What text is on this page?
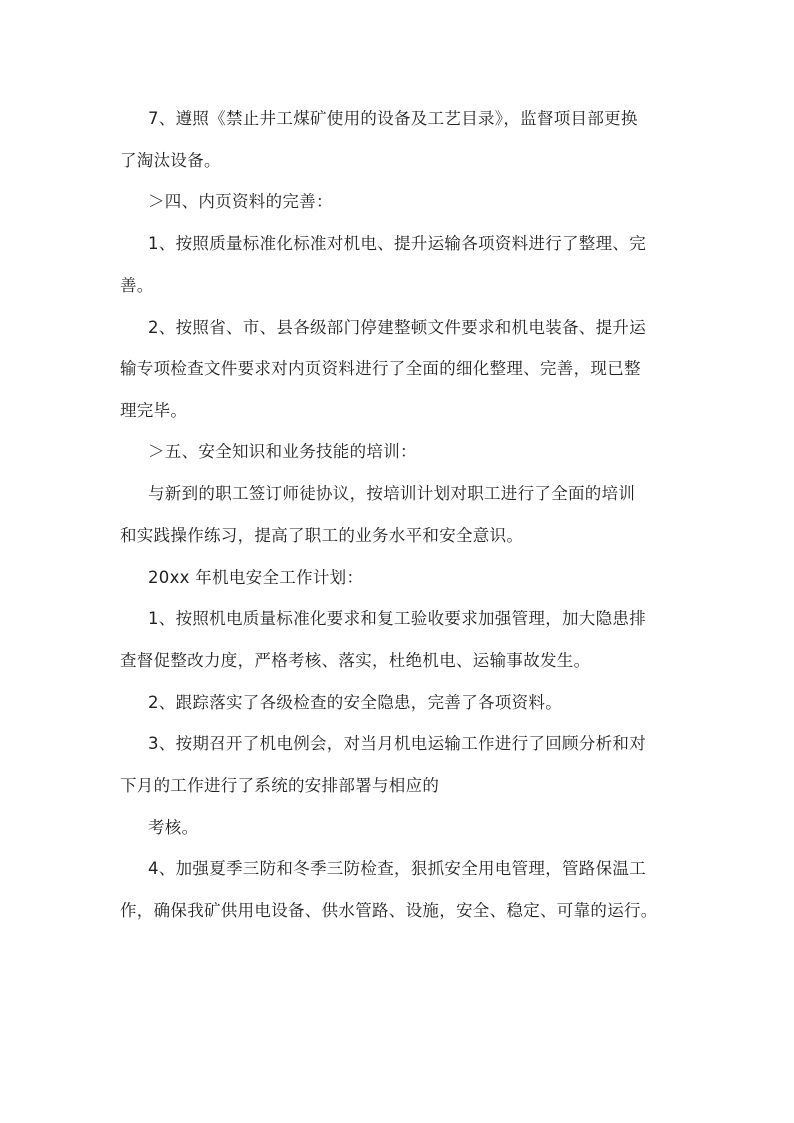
7、遵照《禁止井工煤矿使用的设备及工艺目录》，监督项目部更换
了淘汰设备。
＞四、内页资料的完善：
1、按照质量标准化标准对机电、提升运输各项资料进行了整理、完
善。
2、按照省、市、县各级部门停建整顿文件要求和机电装备、提升运
输专项检查文件要求对内页资料进行了全面的细化整理、完善，现已整
理完毕。
＞五、安全知识和业务技能的培训：
与新到的职工签订师徒协议，按培训计划对职工进行了全面的培训
和实践操作练习，提高了职工的业务水平和安全意识。
20xx 年机电安全工作计划：
1、按照机电质量标准化要求和复工验收要求加强管理，加大隐患排
查督促整改力度，严格考核、落实，杜绝机电、运输事故发生。
2、跟踪落实了各级检查的安全隐患，完善了各项资料。
3、按期召开了机电例会，对当月机电运输工作进行了回顾分析和对
下月的工作进行了系统的安排部署与相应的
考核。
4、加强夏季三防和冬季三防检查，狠抓安全用电管理，管路保温工
作，确保我矿供用电设备、供水管路、设施，安全、稳定、可靠的运行。
